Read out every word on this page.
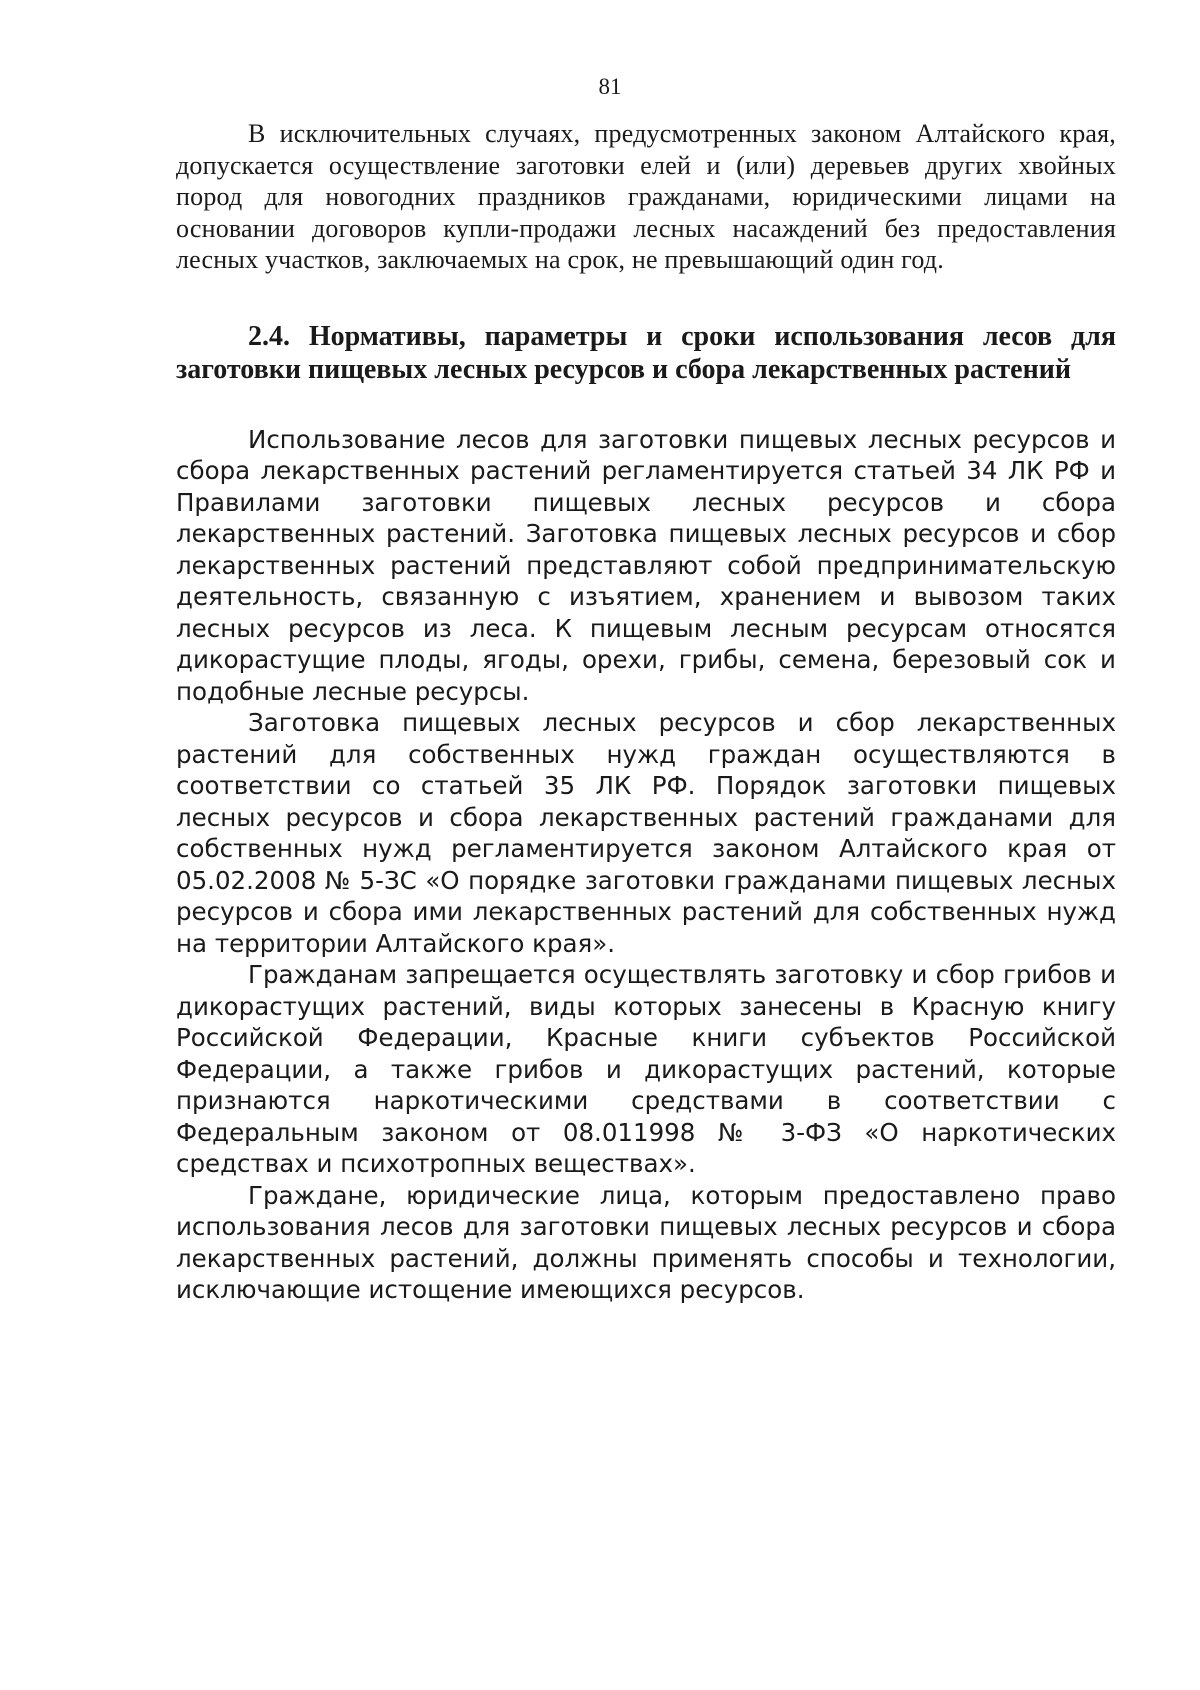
81

В исключительных случаях, предусмотренных законом Алтайского края, допускается осуществление заготовки елей и (или) деревьев других хвойных пород для новогодних праздников гражданами, юридическими лицами на основании договоров купли-продажи лесных насаждений без предоставления лесных участков, заключаемых на срок, не превышающий один год.

2.4. Нормативы, параметры и сроки использования лесов для заготовки пищевых лесных ресурсов и сбора лекарственных растений

Использование лесов для заготовки пищевых лесных ресурсов и сбора лекарственных растений регламентируется статьей 34 ЛК РФ и Правилами заготовки пищевых лесных ресурсов и сбора лекарственных растений. Заготовка пищевых лесных ресурсов и сбор лекарственных растений представляют собой предпринимательскую деятельность, связанную с изъятием, хранением и вывозом таких лесных ресурсов из леса. К пищевым лесным ресурсам относятся дикорастущие плоды, ягоды, орехи, грибы, семена, березовый сок и подобные лесные ресурсы.

Заготовка пищевых лесных ресурсов и сбор лекарственных растений для собственных нужд граждан осуществляются в соответствии со статьей 35 ЛК РФ. Порядок заготовки пищевых лесных ресурсов и сбора лекарственных растений гражданами для собственных нужд регламентируется законом Алтайского края от 05.02.2008 № 5-ЗС «О порядке заготовки гражданами пищевых лесных ресурсов и сбора ими лекарственных растений для собственных нужд на территории Алтайского края».

Гражданам запрещается осуществлять заготовку и сбор грибов и дикорастущих растений, виды которых занесены в Красную книгу Российской Федерации, Красные книги субъектов Российской Федерации, а также грибов и дикорастущих растений, которые признаются наркотическими средствами в соответствии с Федеральным законом от 08.011998 № 3-ФЗ «О наркотических средствах и психотропных веществах».

Граждане, юридические лица, которым предоставлено право использования лесов для заготовки пищевых лесных ресурсов и сбора лекарственных растений, должны применять способы и технологии, исключающие истощение имеющихся ресурсов.
